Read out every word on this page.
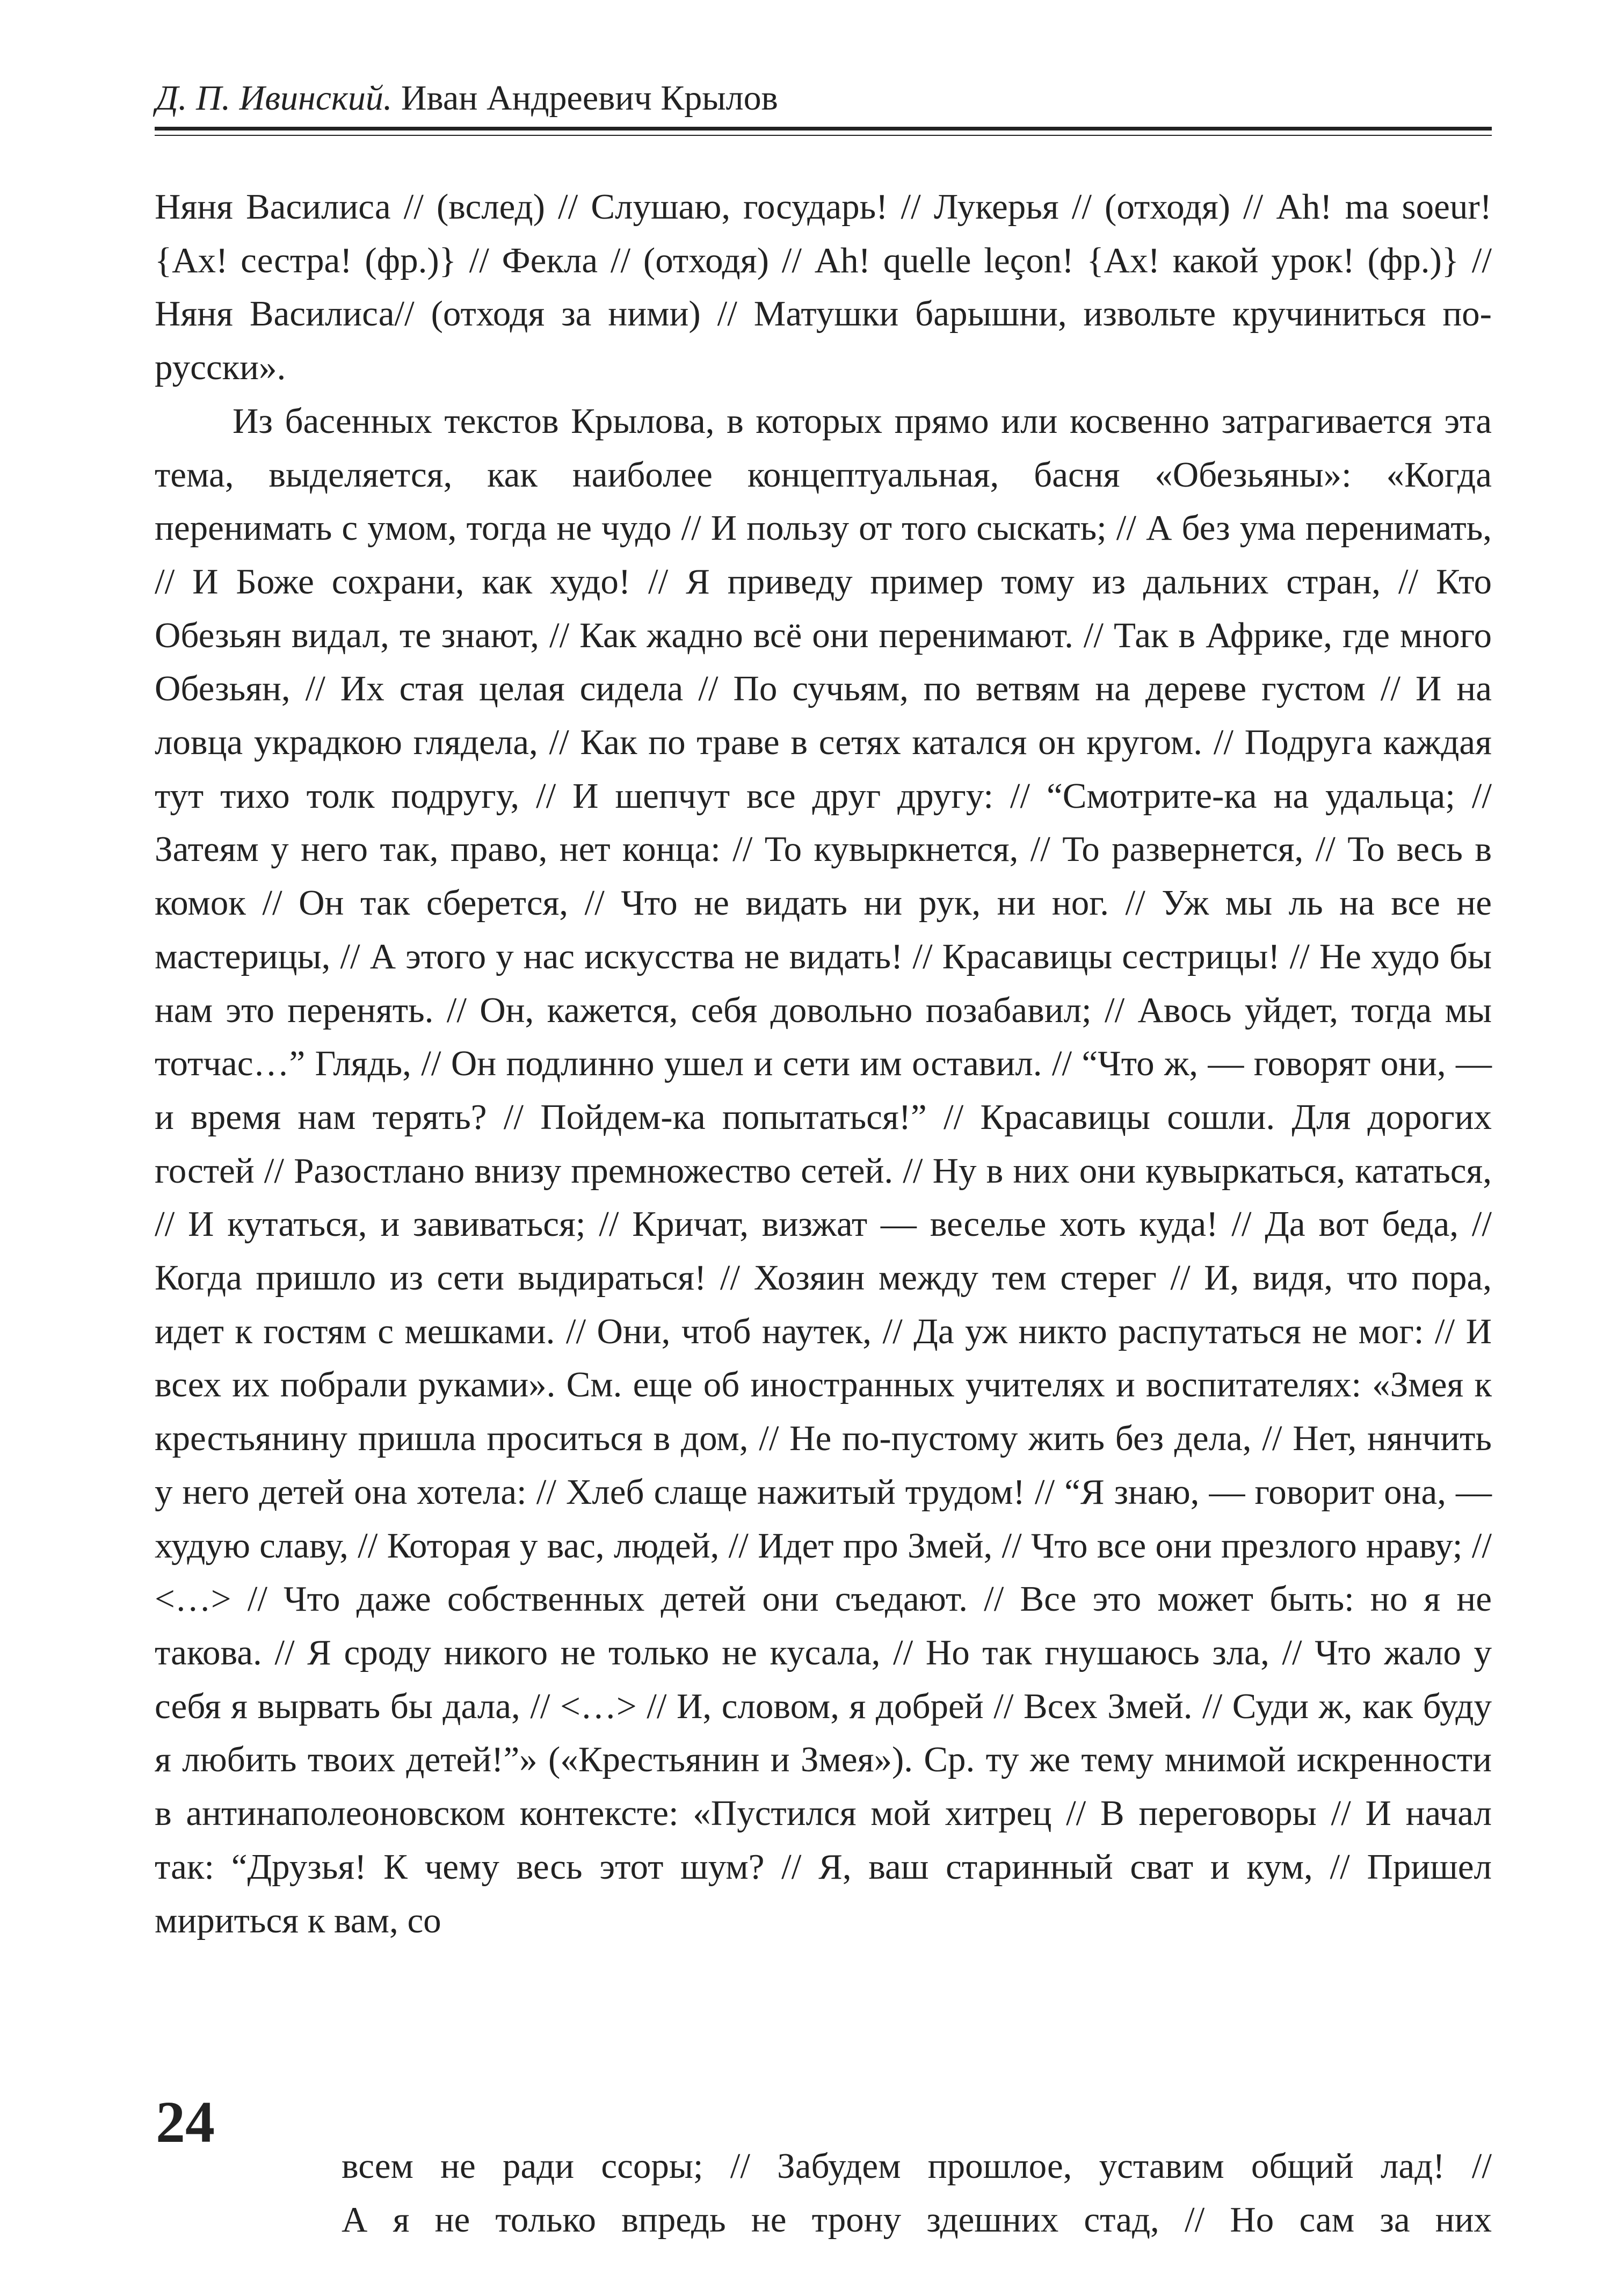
Д. П. Ивинский. Иван Андреевич Крылов

Няня Василиса // (вслед) // Слушаю, государь! // Лукерья // (отходя) // Ah! ma soeur! {Ах! сестра! (фр.)} // Фекла // (отходя) // Ah! quelle leçon! {Ах! какой урок! (фр.)} // Няня Василиса// (отходя за ними) // Матушки барышни, извольте кручиниться по-русски».

Из басенных текстов Крылова, в которых прямо или косвенно затрагивается эта тема, выделяется, как наиболее концептуальная, басня «Обезьяны»: «Когда перенимать с умом, тогда не чудо // И пользу от того сыскать; // А без ума перенимать, // И Боже сохрани, как худо! // Я приведу пример тому из дальних стран, // Кто Обезьян видал, те знают, // Как жадно всё они перенимают. // Так в Африке, где много Обезьян, // Их стая целая сидела // По сучьям, по ветвям на дереве густом // И на ловца украдкою глядела, // Как по траве в сетях катался он кругом. // Подруга каждая тут тихо толк подругу, // И шепчут все друг другу: // “Смотрите-ка на удальца; // Затеям у него так, право, нет конца: // То кувыркнется, // То развернется, // То весь в комок // Он так сберется, // Что не видать ни рук, ни ног. // Уж мы ль на все не мастерицы, // А этого у нас искусства не видать! // Красавицы сестрицы! // Не худо бы нам это перенять. // Он, кажется, себя довольно позабавил; // Авось уйдет, тогда мы тотчас…” Глядь, // Он подлинно ушел и сети им оставил. // “Что ж, — говорят они, — и время нам терять? // Пойдем-ка попытаться!” // Красавицы сошли. Для дорогих гостей // Разостлано внизу премножество сетей. // Ну в них они кувыркаться, кататься, // И кутаться, и завиваться; // Кричат, визжат — веселье хоть куда! // Да вот беда, // Когда пришло из сети выдираться! // Хозяин между тем стерег // И, видя, что пора, идет к гостям с мешками. // Они, чтоб наутек, // Да уж никто распутаться не мог: // И всех их побрали руками». См. еще об иностранных учителях и воспитателях: «Змея к крестьянину пришла проситься в дом, // Не по-пустому жить без дела, // Нет, нянчить у него детей она хотела: // Хлеб слаще нажитый трудом! // “Я знаю, — говорит она, — худую славу, // Которая у вас, людей, // Идет про Змей, // Что все они презлого нраву; // <…> // Что даже собственных детей они съедают. // Все это может быть: но я не такова. // Я сроду никого не только не кусала, // Но так гнушаюсь зла, // Что жало у себя я вырвать бы дала, // <…> // И, словом, я добрей // Всех Змей. // Суди ж, как буду я любить твоих детей!”» («Крестьянин и Змея»). Ср. ту же тему мнимой искренности в антинаполеоновском контексте: «Пустился мой хитрец // В переговоры // И начал так: “Друзья! К чему весь этот шум? // Я, ваш старинный сват и кум, // Пришел мириться к вам, со

24
всем не ради ссоры; // Забудем прошлое, уставим общий лад! //
А я не только впредь не трону здешних стад, // Но сам за них
